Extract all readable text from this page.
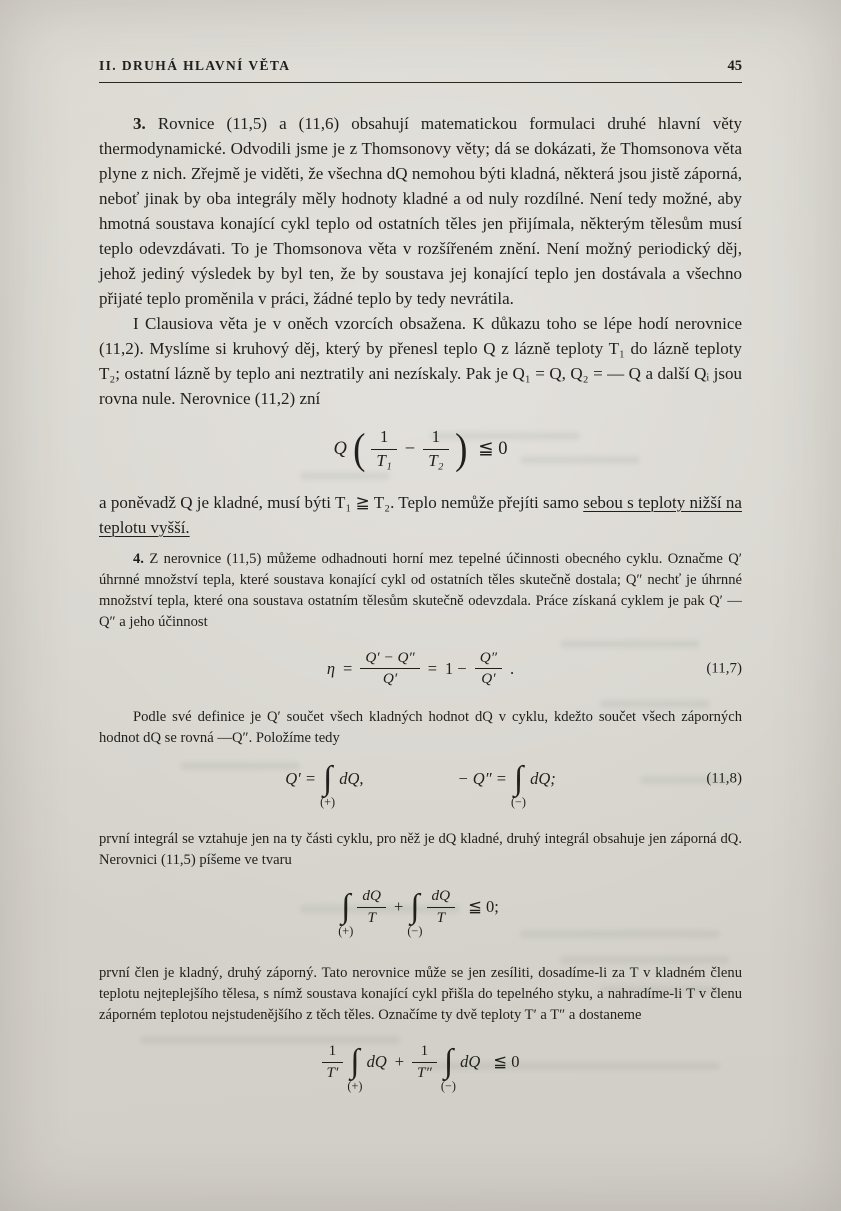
II. DRUHÁ HLAVNÍ VĚTA	45

3. Rovnice (11,5) a (11,6) obsahují matematickou formulaci druhé hlavní věty thermodynamické. Odvodili jsme je z Thomsonovy věty; dá se dokázati, že Thomsonova věta plyne z nich. Zřejmě je viděti, že všechna dQ nemohou býti kladná, některá jsou jistě záporná, neboť jinak by oba integrály měly hodnoty kladné a od nuly rozdílné. Není tedy možné, aby hmotná soustava konající cykl teplo od ostatních těles jen přijímala, některým tělesům musí teplo odevzdávati. To je Thomsonova věta v rozšířeném znění. Není možný periodický děj, jehož jediný výsledek by byl ten, že by soustava jej konající teplo jen dostávala a všechno přijaté teplo proměnila v práci, žádné teplo by tedy nevrátila.

I Clausiova věta je v oněch vzorcích obsažena. K důkazu toho se lépe hodí nerovnice (11,2). Myslíme si kruhový děj, který by přenesl teplo Q z lázně teploty T₁ do lázně teploty T₂; ostatní lázně by teplo ani neztratily ani nezískaly. Pak je Q₁ = Q, Q₂ = — Q a další Qᵢ jsou rovna nule. Nerovnice (11,2) zní

Q ( $\frac{1}{\text{T₁}} - \frac{1}{\text{T₂}}$ ) ≦ 0

a poněvadž Q je kladné, musí býti T₁ ≧ T₂. Teplo nemůže přejíti samo sebou s teploty nižší na teplotu vyšší.

4. Z nerovnice (11,5) můžeme odhadnouti horní mez tepelné účinnosti obecného cyklu. Označme Q′ úhrnné množství tepla, které soustava konající cykl od ostatních těles skutečně dostala; Q″ nechť je úhrnné množství tepla, které ona soustava ostatním tělesům skutečně odevzdala. Práce získaná cyklem je pak Q′ — Q″ a jeho účinnost

$\eta = \frac{Q' - Q''}{Q'} = 1 - \frac{Q''}{Q'}$ .	(11,7)

Podle své definice je Q′ součet všech kladných hodnot dQ v cyklu, kdežto součet všech záporných hodnot dQ se rovná —Q″. Položíme tedy

Q′ = ∫
(+)
dQ,	− Q″ = ∫
(−)
dQ;	(11,8)

první integrál se vztahuje jen na ty části cyklu, pro něž je dQ kladné, druhý integrál obsahuje jen záporná dQ. Nerovnici (11,5) píšeme ve tvaru

∫
(+)
$\frac{dQ}{T}$ + ∫
(−)
$\frac{dQ}{T}$ ≦ 0;

první člen je kladný, druhý záporný. Tato nerovnice může se jen zesíliti, dosadíme-li za T v kladném členu teplotu nejteplejšího tělesa, s nímž soustava konající cykl přišla do tepelného styku, a nahradíme-li T v členu záporném teplotou nejstudenějšího z těch těles. Označíme ty dvě teploty T′ a T″ a dostaneme

$\frac{1}{T'}$ ∫
(+)
dQ + $\frac{1}{T''}$ ∫
(−)
dQ ≦ 0
